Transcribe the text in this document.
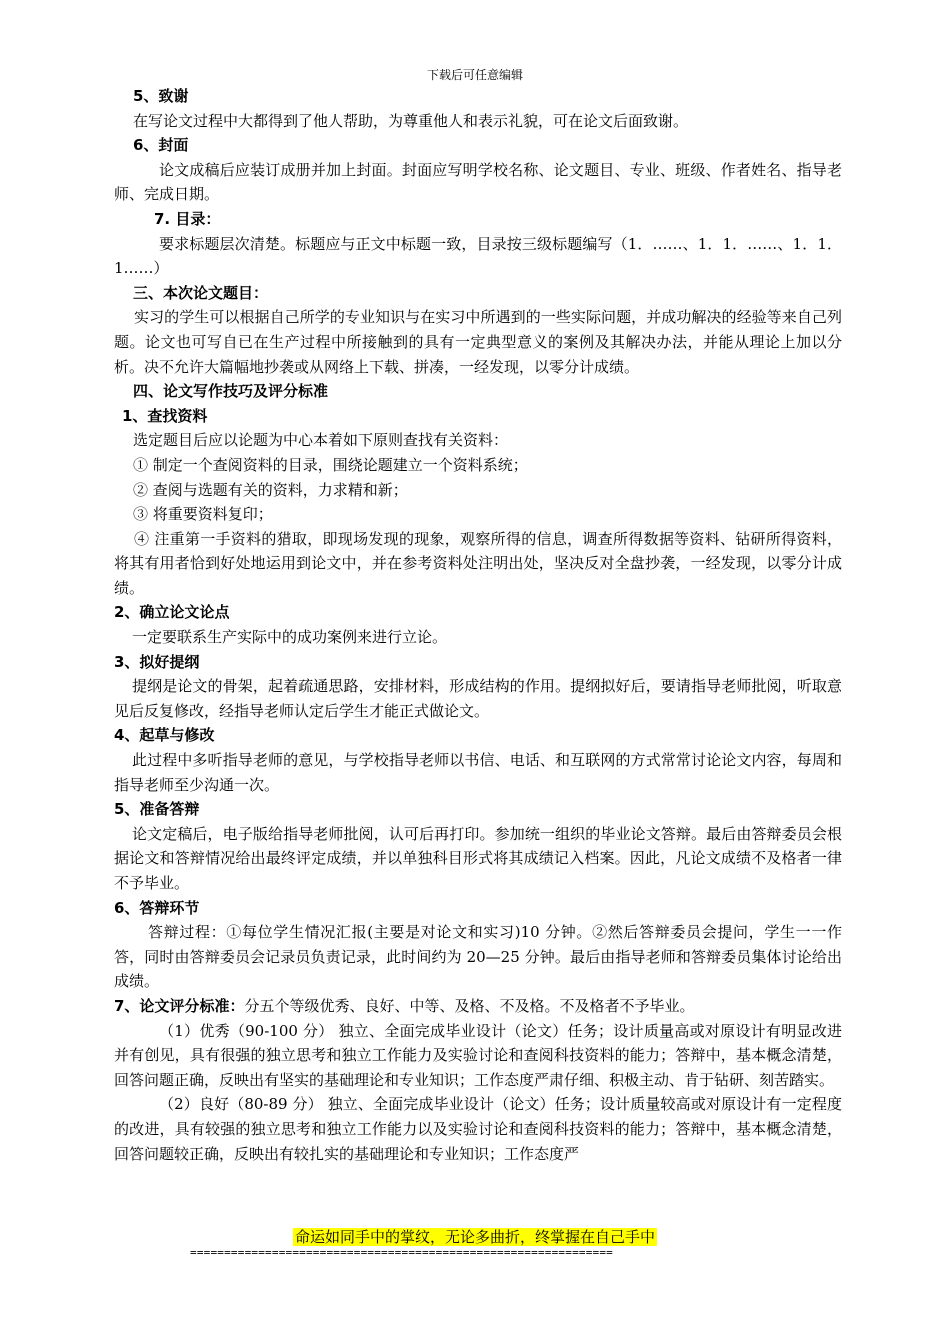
下载后可任意编辑

5、致谢

在写论文过程中大都得到了他人帮助，为尊重他人和表示礼貌，可在论文后面致谢。

6、封面

论文成稿后应装订成册并加上封面。封面应写明学校名称、论文题目、专业、班级、作者姓名、指导老师、完成日期。

7. 目录：

要求标题层次清楚。标题应与正文中标题一致，目录按三级标题编写（1．……、1．1．……、1．1．1……）

三、本次论文题目：

实习的学生可以根据自己所学的专业知识与在实习中所遇到的一些实际问题，并成功解决的经验等来自己列题。论文也可写自已在生产过程中所接触到的具有一定典型意义的案例及其解决办法，并能从理论上加以分析。决不允许大篇幅地抄袭或从网络上下载、拼凑，一经发现，以零分计成绩。

四、论文写作技巧及评分标准

1、查找资料

选定题目后应以论题为中心本着如下原则查找有关资料：

① 制定一个查阅资料的目录，围绕论题建立一个资料系统；

② 查阅与选题有关的资料，力求精和新；

③ 将重要资料复印；

④ 注重第一手资料的猎取，即现场发现的现象，观察所得的信息，调查所得数据等资料、钻研所得资料，将其有用者恰到好处地运用到论文中，并在参考资料处注明出处，坚决反对全盘抄袭，一经发现，以零分计成绩。

2、确立论文论点

一定要联系生产实际中的成功案例来进行立论。

3、拟好提纲

提纲是论文的骨架，起着疏通思路，安排材料，形成结构的作用。提纲拟好后，要请指导老师批阅，听取意见后反复修改，经指导老师认定后学生才能正式做论文。

4、起草与修改

此过程中多听指导老师的意见，与学校指导老师以书信、电话、和互联网的方式常常讨论论文内容，每周和指导老师至少沟通一次。

5、准备答辩

论文定稿后，电子版给指导老师批阅，认可后再打印。参加统一组织的毕业论文答辩。最后由答辩委员会根据论文和答辩情况给出最终评定成绩，并以单独科目形式将其成绩记入档案。因此，凡论文成绩不及格者一律不予毕业。

6、答辩环节

答辩过程：①每位学生情况汇报(主要是对论文和实习)10 分钟。②然后答辩委员会提问，学生一一作答，同时由答辩委员会记录员负责记录，此时间约为 20—25 分钟。最后由指导老师和答辩委员集体讨论给出成绩。

7、论文评分标准：分五个等级优秀、良好、中等、及格、不及格。不及格者不予毕业。

（1）优秀（90-100 分） 独立、全面完成毕业设计（论文）任务；设计质量高或对原设计有明显改进并有创见，具有很强的独立思考和独立工作能力及实验讨论和查阅科技资料的能力；答辩中，基本概念清楚，回答问题正确，反映出有坚实的基础理论和专业知识；工作态度严肃仔细、积极主动、肯于钻研、刻苦踏实。

（2）良好（80-89 分） 独立、全面完成毕业设计（论文）任务；设计质量较高或对原设计有一定程度的改进，具有较强的独立思考和独立工作能力以及实验讨论和查阅科技资料的能力；答辩中，基本概念清楚，回答问题较正确，反映出有较扎实的基础理论和专业知识；工作态度严

命运如同手中的掌纹，无论多曲折，终掌握在自己手中
==============================================================
